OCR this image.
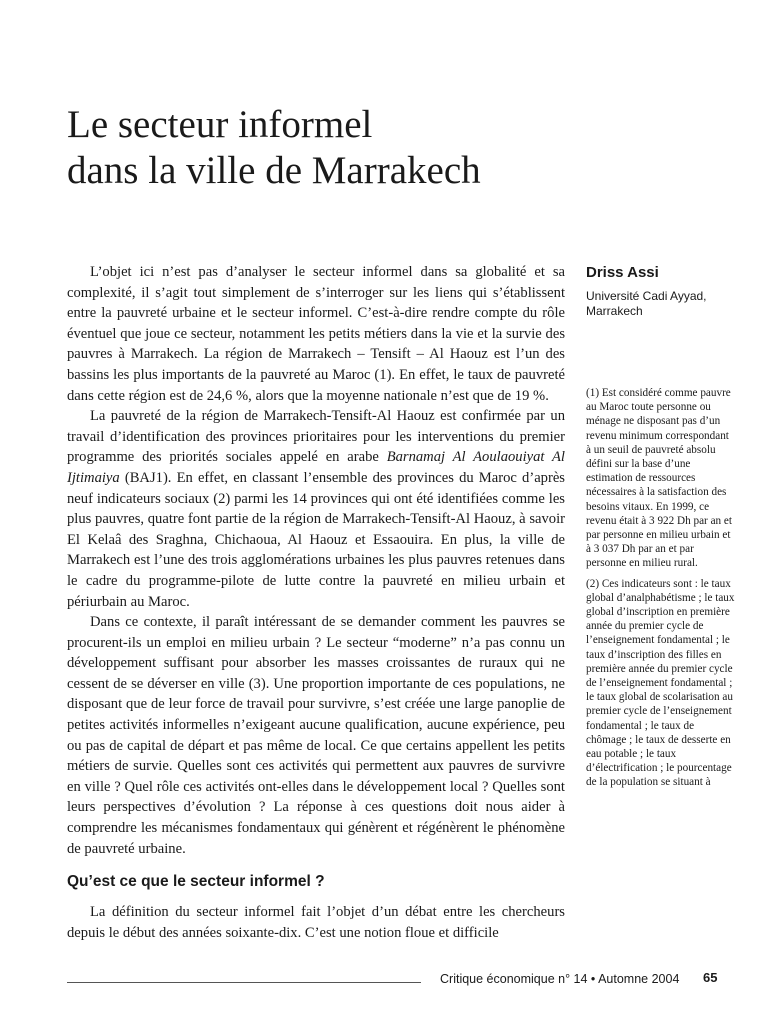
Le secteur informel
dans la ville de Marrakech

L’objet ici n’est pas d’analyser le secteur informel dans sa globalité et sa complexité, il s’agit tout simplement de s’interroger sur les liens qui s’établissent entre la pauvreté urbaine et le secteur informel. C’est-à-dire rendre compte du rôle éventuel que joue ce secteur, notamment les petits métiers dans la vie et la survie des pauvres à Marrakech. La région de Marrakech – Tensift – Al Haouz est l’un des bassins les plus importants de la pauvreté au Maroc (1). En effet, le taux de pauvreté dans cette région est de 24,6 %, alors que la moyenne nationale n’est que de 19 %.

La pauvreté de la région de Marrakech-Tensift-Al Haouz est confirmée par un travail d’identification des provinces prioritaires pour les interventions du premier programme des priorités sociales appelé en arabe Barnamaj Al Aoulaouiyat Al Ijtimaiya (BAJ1). En effet, en classant l’ensemble des provinces du Maroc d’après neuf indicateurs sociaux (2) parmi les 14 provinces qui ont été identifiées comme les plus pauvres, quatre font partie de la région de Marrakech-Tensift-Al Haouz, à savoir El Kelaâ des Sraghna, Chichaoua, Al Haouz et Essaouira. En plus, la ville de Marrakech est l’une des trois agglomérations urbaines les plus pauvres retenues dans le cadre du programme-pilote de lutte contre la pauvreté en milieu urbain et périurbain au Maroc.

Dans ce contexte, il paraît intéressant de se demander comment les pauvres se procurent-ils un emploi en milieu urbain ? Le secteur “moderne” n’a pas connu un développement suffisant pour absorber les masses croissantes de ruraux qui ne cessent de se déverser en ville (3). Une proportion importante de ces populations, ne disposant que de leur force de travail pour survivre, s’est créée une large panoplie de petites activités informelles n’exigeant aucune qualification, aucune expérience, peu ou pas de capital de départ et pas même de local. Ce que certains appellent les petits métiers de survie. Quelles sont ces activités qui permettent aux pauvres de survivre en ville ? Quel rôle ces activités ont-elles dans le développement local ? Quelles sont leurs perspectives d’évolution ? La réponse à ces questions doit nous aider à comprendre les mécanismes fondamentaux qui génèrent et régénèrent le phénomène de pauvreté urbaine.

Qu’est ce que le secteur informel ?

La définition du secteur informel fait l’objet d’un débat entre les chercheurs depuis le début des années soixante-dix. C’est une notion floue et difficile

Driss Assi
Université Cadi Ayyad, Marrakech

(1) Est considéré comme pauvre au Maroc toute personne ou ménage ne disposant pas d’un revenu minimum correspondant à un seuil de pauvreté absolu défini sur la base d’une estimation de ressources nécessaires à la satisfaction des besoins vitaux. En 1999, ce revenu était à 3 922 Dh par an et par personne en milieu urbain et à 3 037 Dh par an et par personne en milieu rural.

(2) Ces indicateurs sont : le taux global d’analphabétisme ; le taux global d’inscription en première année du premier cycle de l’enseignement fondamental ; le taux d’inscription des filles en première année du premier cycle de l’enseignement fondamental ; le taux global de scolarisation au premier cycle de l’enseignement fondamental ; le taux de chômage ; le taux de desserte en eau potable ; le taux d’électrification ; le pourcentage de la population se situant à

Critique économique n° 14 • Automne 2004	65
